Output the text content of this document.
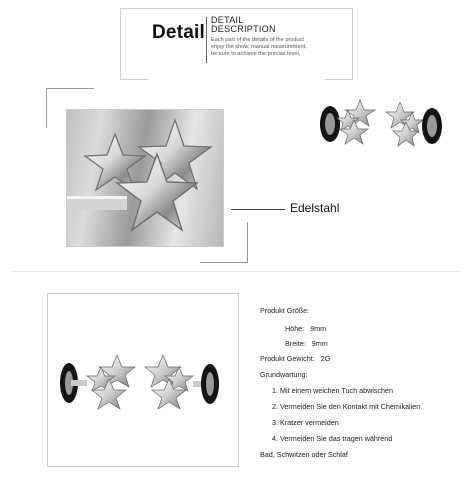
Detail
DETAIL
DESCRIPTION
Each part of the details of the product
enjoy the show, manual measurement,
be sure to achieve the precise level,
Edelstahl
Produkt Größe:
Höhe: 9mm
Breite: 9mm
Produkt Gewicht: 2G
Grundwartung:
1. Mit einem weichen Tuch abwischen
2. Vermeiden Sie den Kontakt mit Chemikalien
3. Kratzer vermeiden
4. Vermeiden Sie das tragen während
Bad, Schwitzen oder Schlaf
